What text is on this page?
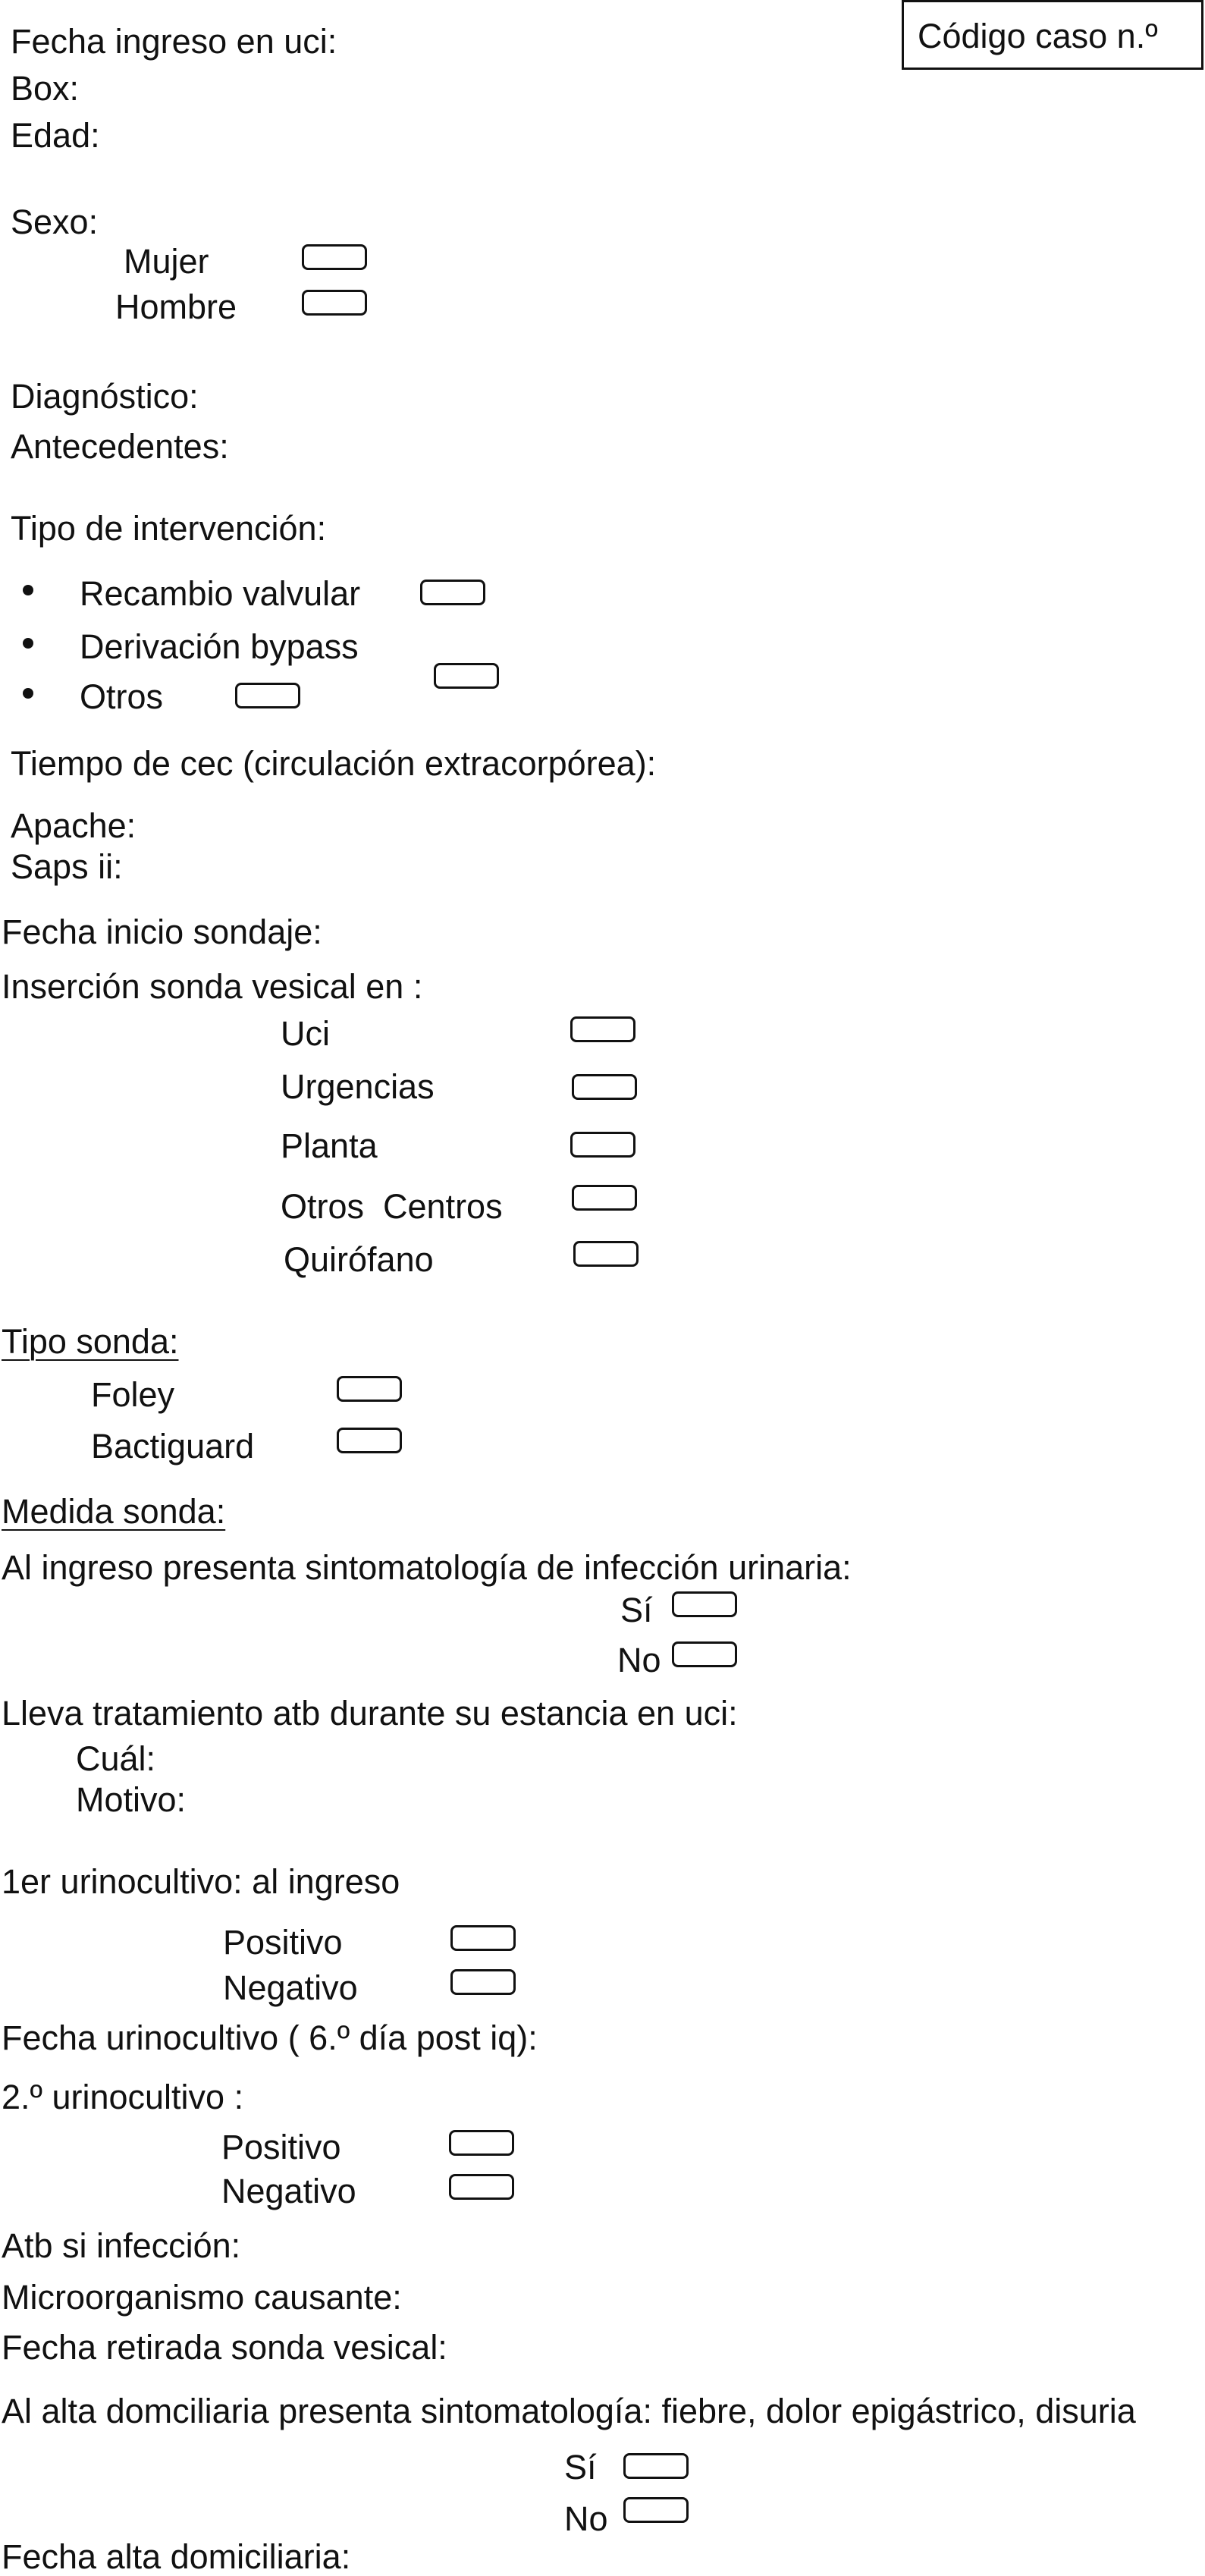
Fecha ingreso en uci:
Box:
Edad:
Código caso n.º
Sexo:
Mujer
Hombre
Diagnóstico:
Antecedentes:
Tipo de intervención:
Recambio valvular
Derivación bypass
Otros
Tiempo de cec (circulación extracorpórea):
Apache:
Saps ii:
Fecha inicio sondaje:
Inserción sonda vesical en :
Uci
Urgencias
Planta
Otros  Centros
Quirófano
Tipo sonda:
Foley
Bactiguard
Medida sonda:
Al ingreso presenta sintomatología de infección urinaria:
Sí
No
Lleva tratamiento atb durante su estancia en uci:
Cuál:
Motivo:
1er urinocultivo: al ingreso
Positivo
Negativo
Fecha urinocultivo ( 6.º día post iq):
2.º urinocultivo :
Positivo
Negativo
Atb si infección:
Microorganismo causante:
Fecha retirada sonda vesical:
Al alta domciliaria presenta sintomatología: fiebre, dolor epigástrico, disuria
Sí
No
Fecha alta domiciliaria:
